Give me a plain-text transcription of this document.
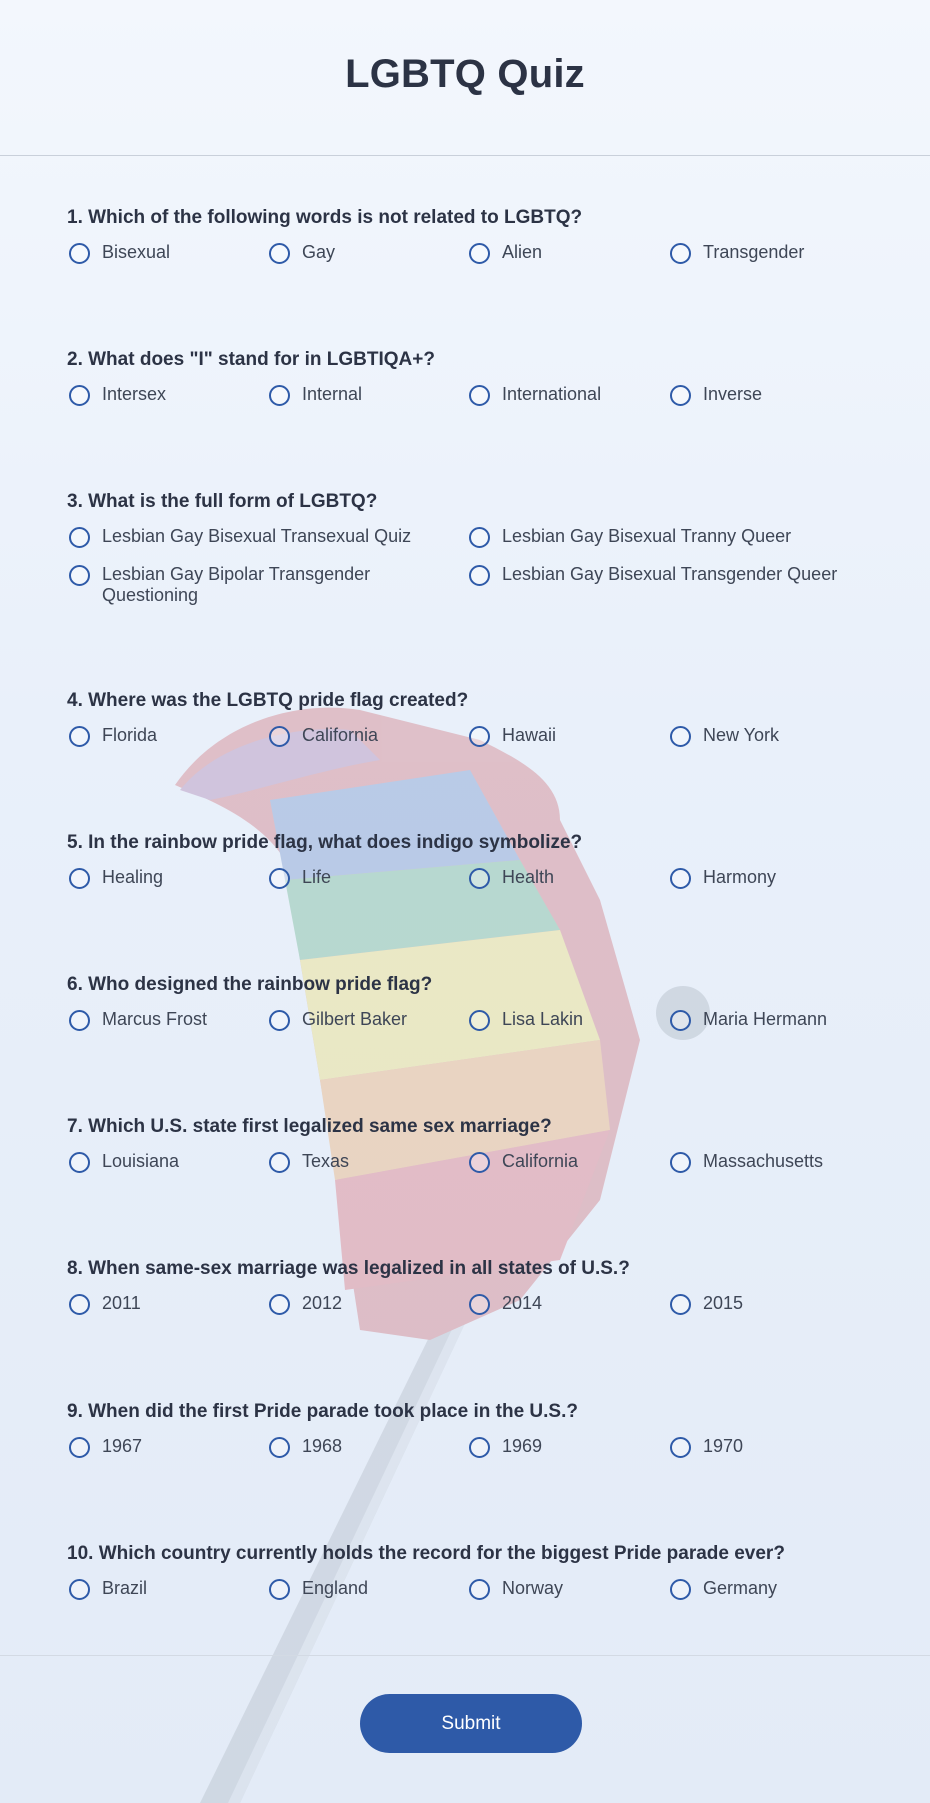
LGBTQ Quiz

1. Which of the following words is not related to LGBTQ?

Bisexual	Gay	Alien	Transgender

2. What does "I" stand for in LGBTIQA+?

Intersex	Internal	International	Inverse

3. What is the full form of LGBTQ?

Lesbian Gay Bisexual Transexual Quiz	Lesbian Gay Bisexual Tranny Queer
Lesbian Gay Bipolar Transgender Questioning
Lesbian Gay Bisexual Transgender Queer

4. Where was the LGBTQ pride flag created?

Florida	California	Hawaii	New York

5. In the rainbow pride flag, what does indigo symbolize?

Healing	Life	Health	Harmony

6. Who designed the rainbow pride flag?

Marcus Frost	Gilbert Baker	Lisa Lakin	Maria Hermann

7. Which U.S. state first legalized same sex marriage?

Louisiana	Texas	California	Massachusetts

8. When same-sex marriage was legalized in all states of U.S.?

2011	2012	2014	2015

9. When did the first Pride parade took place in the U.S.?

1967	1968	1969	1970

10. Which country currently holds the record for the biggest Pride parade ever?

Brazil	England	Norway	Germany
Submit
